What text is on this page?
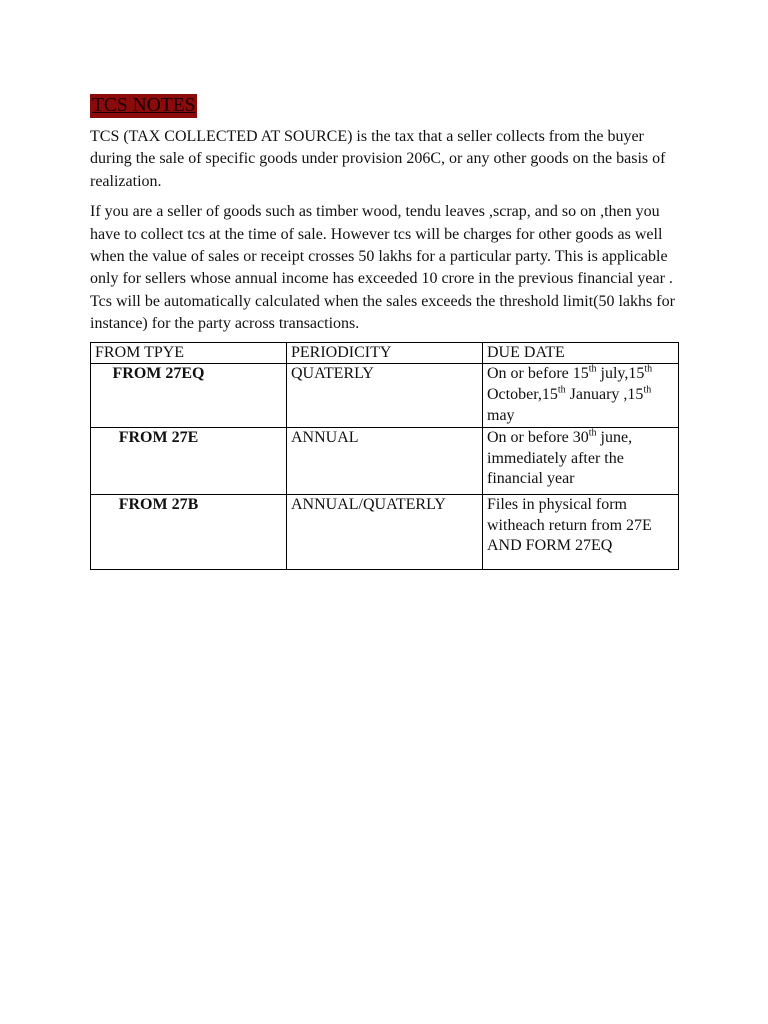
TCS NOTES

TCS (TAX COLLECTED AT SOURCE) is the tax that a seller collects from the buyer during the sale of specific goods under provision 206C, or any other goods on the basis of realization.

If you are a seller of goods such as timber wood, tendu leaves ,scrap, and so on ,then you have to collect tcs at the time of sale. However tcs will be charges for other goods as well when the value of sales or receipt crosses 50 lakhs for a particular party. This is applicable only for sellers whose annual income has exceeded 10 crore in the previous financial year . Tcs will be automatically calculated when the sales exceeds the threshold limit(50 lakhs for instance) for the party across transactions.

FROM TPYE	PERIODICITY	DUE DATE
FROM 27EQ	QUATERLY	On or before 15th july,15th October,15th January ,15th may
FROM 27E	ANNUAL	On or before 30th june, immediately after the financial year
FROM 27B	ANNUAL/QUATERLY	Files in physical form witheach return from 27E AND FORM 27EQ
